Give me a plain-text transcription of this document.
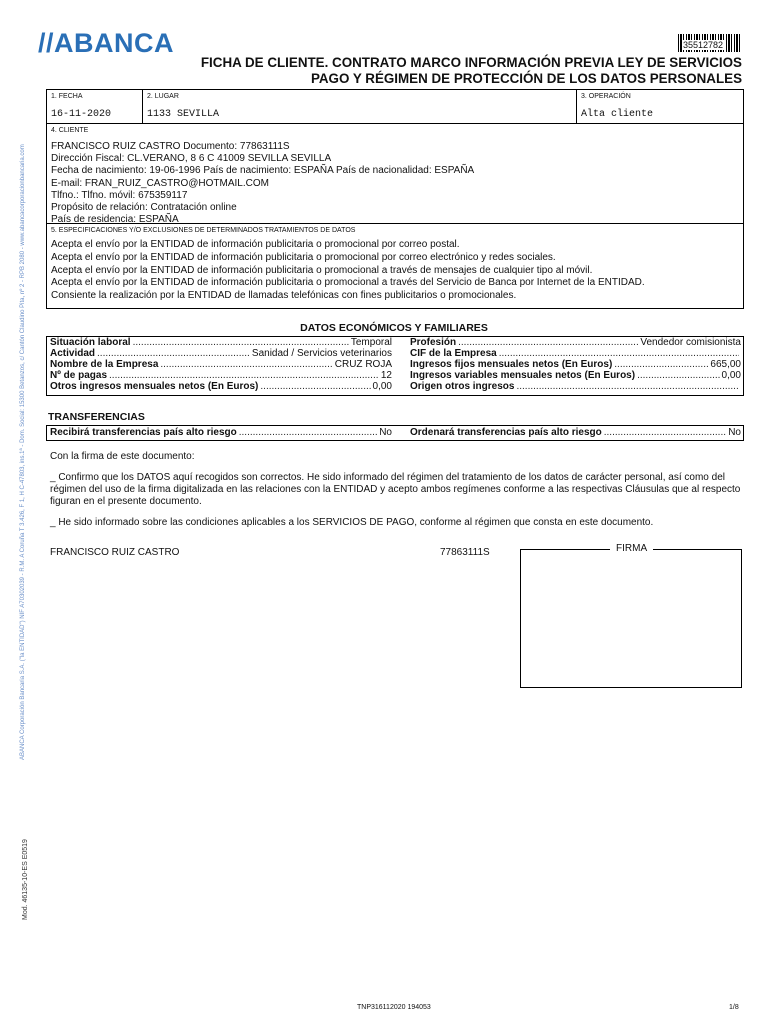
//ABANCA	35512782
FICHA DE CLIENTE. CONTRATO MARCO INFORMACIÓN PREVIA LEY DE SERVICIOS
PAGO Y RÉGIMEN DE PROTECCIÓN DE LOS DATOS PERSONALES
ABANCA Corporación Bancaria S.A. ("la ENTIDAD") NIF A70302039 - R.M. A Coruña T 3.426, F 1, H C-47803, ins.1ª - Dom. Social: 15300 Betanzos, c/ Cantón Claudino Pita, nº 2 - RPB 2080 - www.abancacorporacionbancaria.com
Mod. 46135-10-ES E0519
1. FECHA
16-11-2020
2. LUGAR
1133 SEVILLA
3. OPERACIÓN
Alta cliente
4. CLIENTE
FRANCISCO RUIZ CASTRO Documento: 77863111S
Dirección Fiscal: CL.VERANO, 8 6 C 41009 SEVILLA SEVILLA
Fecha de nacimiento: 19-06-1996 País de nacimiento: ESPAÑA País de nacionalidad: ESPAÑA
E-mail: FRAN_RUIZ_CASTRO@HOTMAIL.COM
Tlfno.: Tlfno. móvil: 675359117
Propósito de relación: Contratación online
País de residencia: ESPAÑA
5. ESPECIFICACIONES Y/O EXCLUSIONES DE DETERMINADOS TRATAMIENTOS DE DATOS
Acepta el envío por la ENTIDAD de información publicitaria o promocional por correo postal.
Acepta el envío por la ENTIDAD de información publicitaria o promocional por correo electrónico y redes sociales.
Acepta el envío por la ENTIDAD de información publicitaria o promocional a través de mensajes de cualquier tipo al móvil.
Acepta el envío por la ENTIDAD de información publicitaria o promocional a través del Servicio de Banca por Internet de la ENTIDAD.
Consiente la realización por la ENTIDAD de llamadas telefónicas con fines publicitarios o promocionales.
DATOS ECONÓMICOS Y FAMILIARES
Situación laboral .....	Temporal
Actividad .....	Sanidad / Servicios veterinarios
Nombre de la Empresa .....	CRUZ ROJA
Nº de pagas .....	12
Otros ingresos mensuales netos (En Euros) .....	0,00
Profesión .....	Vendedor comisionista
CIF de la Empresa
.....
Ingresos fijos mensuales netos (En Euros) .....	665,00
Ingresos variables mensuales netos (En Euros) .....	0,00
Origen otros ingresos
.....
TRANSFERENCIAS
Recibirá transferencias país alto riesgo .....	No Ordenará transferencias país alto riesgo .....	No
Con la firma de este documento:
_ Confirmo que los DATOS aquí recogidos son correctos. He sido informado del régimen del tratamiento de los datos de carácter personal, así como del régimen del uso de la firma digitalizada en las relaciones con la ENTIDAD y acepto ambos regímenes conforme a las respectivas Cláusulas que al respecto figuran en el presente documento.
_ He sido informado sobre las condiciones aplicables a los SERVICIOS DE PAGO, conforme al régimen que consta en este documento.
FRANCISCO RUIZ CASTRO	77863111S	FIRMA
TNP316112020 194053	1/8
